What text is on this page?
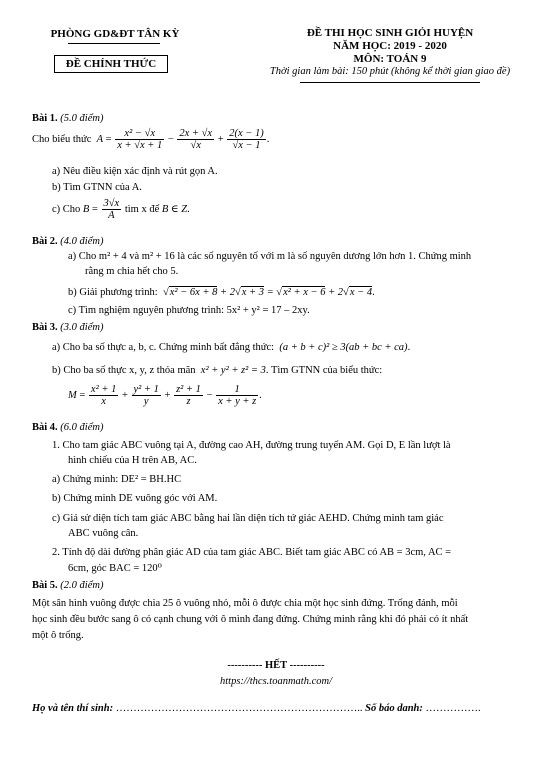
PHÒNG GD&ĐT TÂN KỲ
ĐỀ CHÍNH THỨC
ĐỀ THI HỌC SINH GIỎI HUYỆN
NĂM HỌC: 2019 - 2020
MÔN: TOÁN 9
Thời gian làm bài: 150 phút (không kể thời gian giao đề)
Bài 1. (5.0 điểm)
Cho biểu thức $A = \frac{\text{x² − √x}}{x + √x + 1} - \frac{2x + √x}{√x} + \frac{2(x - 1)}{√x - 1}$ .
a) Nêu điều kiện xác định và rút gọn A.
b) Tìm GTNN của A.
c) Cho $B = \frac{3√x}{A}$ tìm x để B ∈ Z.
Bài 2. (4.0 điểm)
a) Cho m² + 4 và m² + 16 là các số nguyên tố với m là số nguyên dương lớn hơn 1. Chứng minh
rằng m chia hết cho 5.
b) Giải phương trình: √x² − 6x + 8 + 2√x + 3 = √x² + x − 6 + 2√x − 4.
c) Tìm nghiệm nguyên phương trình: 5x² + y² = 17 – 2xy.
Bài 3. (3.0 điểm)
a) Cho ba số thực a, b, c. Chứng minh bất đẳng thức: (a + b + c)² ≥ 3(ab + bc + ca).
b) Cho ba số thực x, y, z thỏa mãn x² + y² + z² = 3. Tìm GTNN của biểu thức:
$M = \frac{\text{x² + 1}}{x} + \frac{\text{y² + 1}}{y} + \frac{\text{z² + 1}}{z} - \frac{1}{x + y + z}$ .
Bài 4. (6.0 điểm)
1. Cho tam giác ABC vuông tại A, đường cao AH, đường trung tuyến AM. Gọi D, E lần lượt là
hình chiếu của H trên AB, AC.
a) Chứng minh: DE² = BH.HC
b) Chứng minh DE vuông góc với AM.
c) Giả sử diện tích tam giác ABC bằng hai lần diện tích tứ giác AEHD. Chứng minh tam giác
ABC vuông cân.
2. Tính độ dài đường phân giác AD của tam giác ABC. Biết tam giác ABC có AB = 3cm, AC =
6cm, góc BAC = 120⁰
Bài 5. (2.0 điểm)
Một sân hình vuông được chia 25 ô vuông nhỏ, mỗi ô được chia một học sinh đứng. Trống đánh, mỗi
học sinh đều bước sang ô có cạnh chung với ô mình đang đứng. Chứng minh rằng khi đó phải có ít nhất
một ô trống.
---------- HẾT ----------
https://thcs.toanmath.com/
Họ và tên thí sinh: …………………………………………………………….. Số báo danh: …………….
